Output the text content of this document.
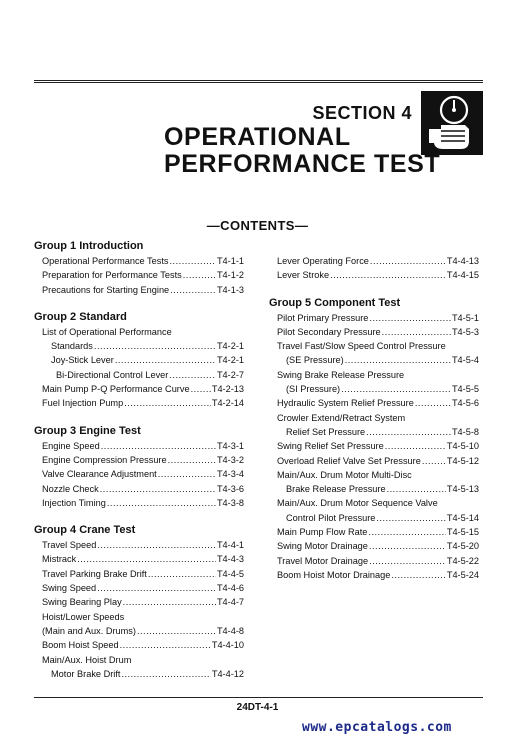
SECTION 4
OPERATIONAL
PERFORMANCE TEST
—CONTENTS—
Group 1 Introduction
Operational Performance Tests .....	T4-1-1
Preparation for Performance Tests .....	T4-1-2
Precautions for Starting Engine .....	T4-1-3
Group 2 Standard
List of Operational Performance
Standards .....	T4-2-1
Joy-Stick Lever .....	T4-2-1
Bi-Directional Control Lever .....	T4-2-7
Main Pump P-Q Performance Curve ..... T4-2-13
Fuel Injection Pump .....	T4-2-14
Group 3 Engine Test
Engine Speed .....	T4-3-1
Engine Compression Pressure .....	T4-3-2
Valve Clearance Adjustment .....	T4-3-4
Nozzle Check .....	T4-3-6
Injection Timing .....	T4-3-8
Group 4 Crane Test
Travel Speed .....	T4-4-1
Mistrack .....	T4-4-3
Travel Parking Brake Drift .....	T4-4-5
Swing Speed .....	T4-4-6
Swing Bearing Play .....	T4-4-7
Hoist/Lower Speeds
(Main and Aux. Drums) .....	T4-4-8
Boom Hoist Speed .....	T4-4-10
Main/Aux. Hoist Drum
Motor Brake Drift .....	T4-4-12
Lever Operating Force .....	T4-4-13
Lever Stroke .....	T4-4-15
Group 5 Component Test
Pilot Primary Pressure .....	T4-5-1
Pilot Secondary Pressure .....	T4-5-3
Travel Fast/Slow Speed Control Pressure
(SE Pressure) .....	T4-5-4
Swing Brake Release Pressure
(SI Pressure) .....	T4-5-5
Hydraulic System Relief Pressure .....	T4-5-6
Crowler Extend/Retract System
Relief Set Pressure .....	T4-5-8
Swing Relief Set Pressure .....	T4-5-10
Overload Relief Valve Set Pressure .....	T4-5-12
Main/Aux. Drum Motor Multi-Disc
Brake Release Pressure .....	T4-5-13
Main/Aux. Drum Motor Sequence Valve
Control Pilot Pressure .....	T4-5-14
Main Pump Flow Rate .....	T4-5-15
Swing Motor Drainage .....	T4-5-20
Travel Motor Drainage .....	T4-5-22
Boom Hoist Motor Drainage .....	T4-5-24
24DT-4-1
www.epcatalogs.com
